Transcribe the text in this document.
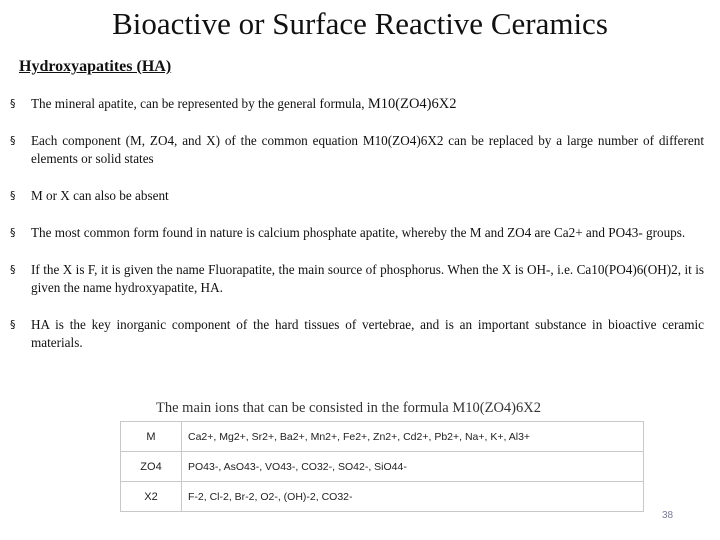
Bioactive or Surface Reactive Ceramics
Hydroxyapatites (HA)
§ The mineral apatite, can be represented by the general formula, M10(ZO4)6X2
§ Each component (M, ZO4, and X) of the common equation M10(ZO4)6X2 can be replaced by a large number of different elements or solid states
§ M or X can also be absent
§ The most common form found in nature is calcium phosphate apatite, whereby the M and ZO4 are Ca2+ and PO43- groups.
§ If the X is F, it is given the name Fluorapatite, the main source of phosphorus. When the X is OH-, i.e. Ca10(PO4)6(OH)2, it is given the name hydroxyapatite, HA.
§ HA is the key inorganic component of the hard tissues of vertebrae, and is an important substance in bioactive ceramic materials.
The main ions that can be consisted in the formula M10(ZO4)6X2
M	Ca2+, Mg2+, Sr2+, Ba2+, Mn2+, Fe2+, Zn2+, Cd2+, Pb2+, Na+, K+, Al3+
ZO4	PO43-, AsO43-, VO43-, CO32-, SO42-, SiO44-
X2	F-2, Cl-2, Br-2, O2-, (OH)-2, CO32-
38
